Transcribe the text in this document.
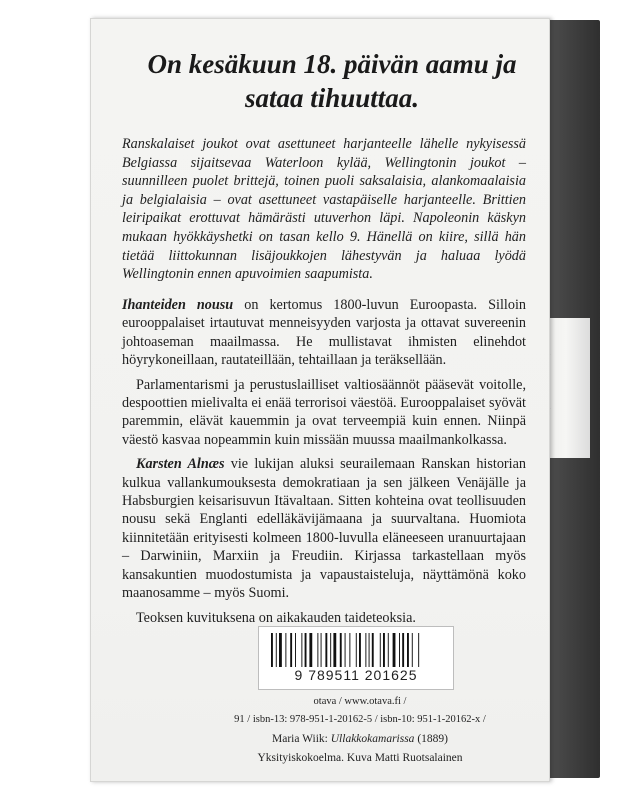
On kesäkuun 18. päivän aamu ja
sataa tihuuttaa.

Ranskalaiset joukot ovat asettuneet harjanteelle lähelle nykyisessä Belgiassa sijaitsevaa Waterloon kylää, Wellingtonin joukot – suunnilleen puolet brittejä, toinen puoli saksalaisia, alankomaalaisia ja belgialaisia – ovat asettuneet vastapäiselle harjanteelle. Brittien leiripaikat erottuvat hämärästi utuverhon läpi. Napoleonin käskyn mukaan hyökkäyshetki on tasan kello 9. Hänellä on kiire, sillä hän tietää liittokunnan lisäjoukkojen lähestyvän ja haluaa lyödä Wellingtonin ennen apuvoimien saapumista.

Ihanteiden nousu on kertomus 1800-luvun Euroopasta. Silloin eurooppalaiset irtautuvat menneisyyden varjosta ja ottavat suvereenin johtoaseman maailmassa. He mullistavat ihmisten elinehdot höyrykoneillaan, rautateillään, tehtaillaan ja teräksellään.

Parlamentarismi ja perustuslailliset valtiosäännöt pääsevät voitolle, despoottien mielivalta ei enää terrorisoi väestöä. Eurooppalaiset syövät paremmin, elävät kauemmin ja ovat terveempiä kuin ennen. Niinpä väestö kasvaa nopeammin kuin missään muussa maailmankolkassa.

Karsten Alnæs vie lukijan aluksi seurailemaan Ranskan historian kulkua vallankumouksesta demokratiaan ja sen jälkeen Venäjälle ja Habsburgien keisarisuvun Itävaltaan. Sitten kohteina ovat teollisuuden nousu sekä Englanti edelläkävijämaana ja suurvaltana. Huomiota kiinnitetään erityisesti kolmeen 1800-luvulla eläneeseen uranuurtajaan – Darwiniin, Marxiin ja Freudiin. Kirjassa tarkastellaan myös kansakuntien muodostumista ja vapaustaisteluja, näyttämönä koko maanosamme – myös Suomi.

Teoksen kuvituksena on aikakauden taideteoksia.

9 789511 201625

otava / www.otava.fi /

91 / isbn-13: 978-951-1-20162-5 / isbn-10: 951-1-20162-x /

Maria Wiik: Ullakkokamarissa (1889)

Yksityiskokoelma. Kuva Matti Ruotsalainen
